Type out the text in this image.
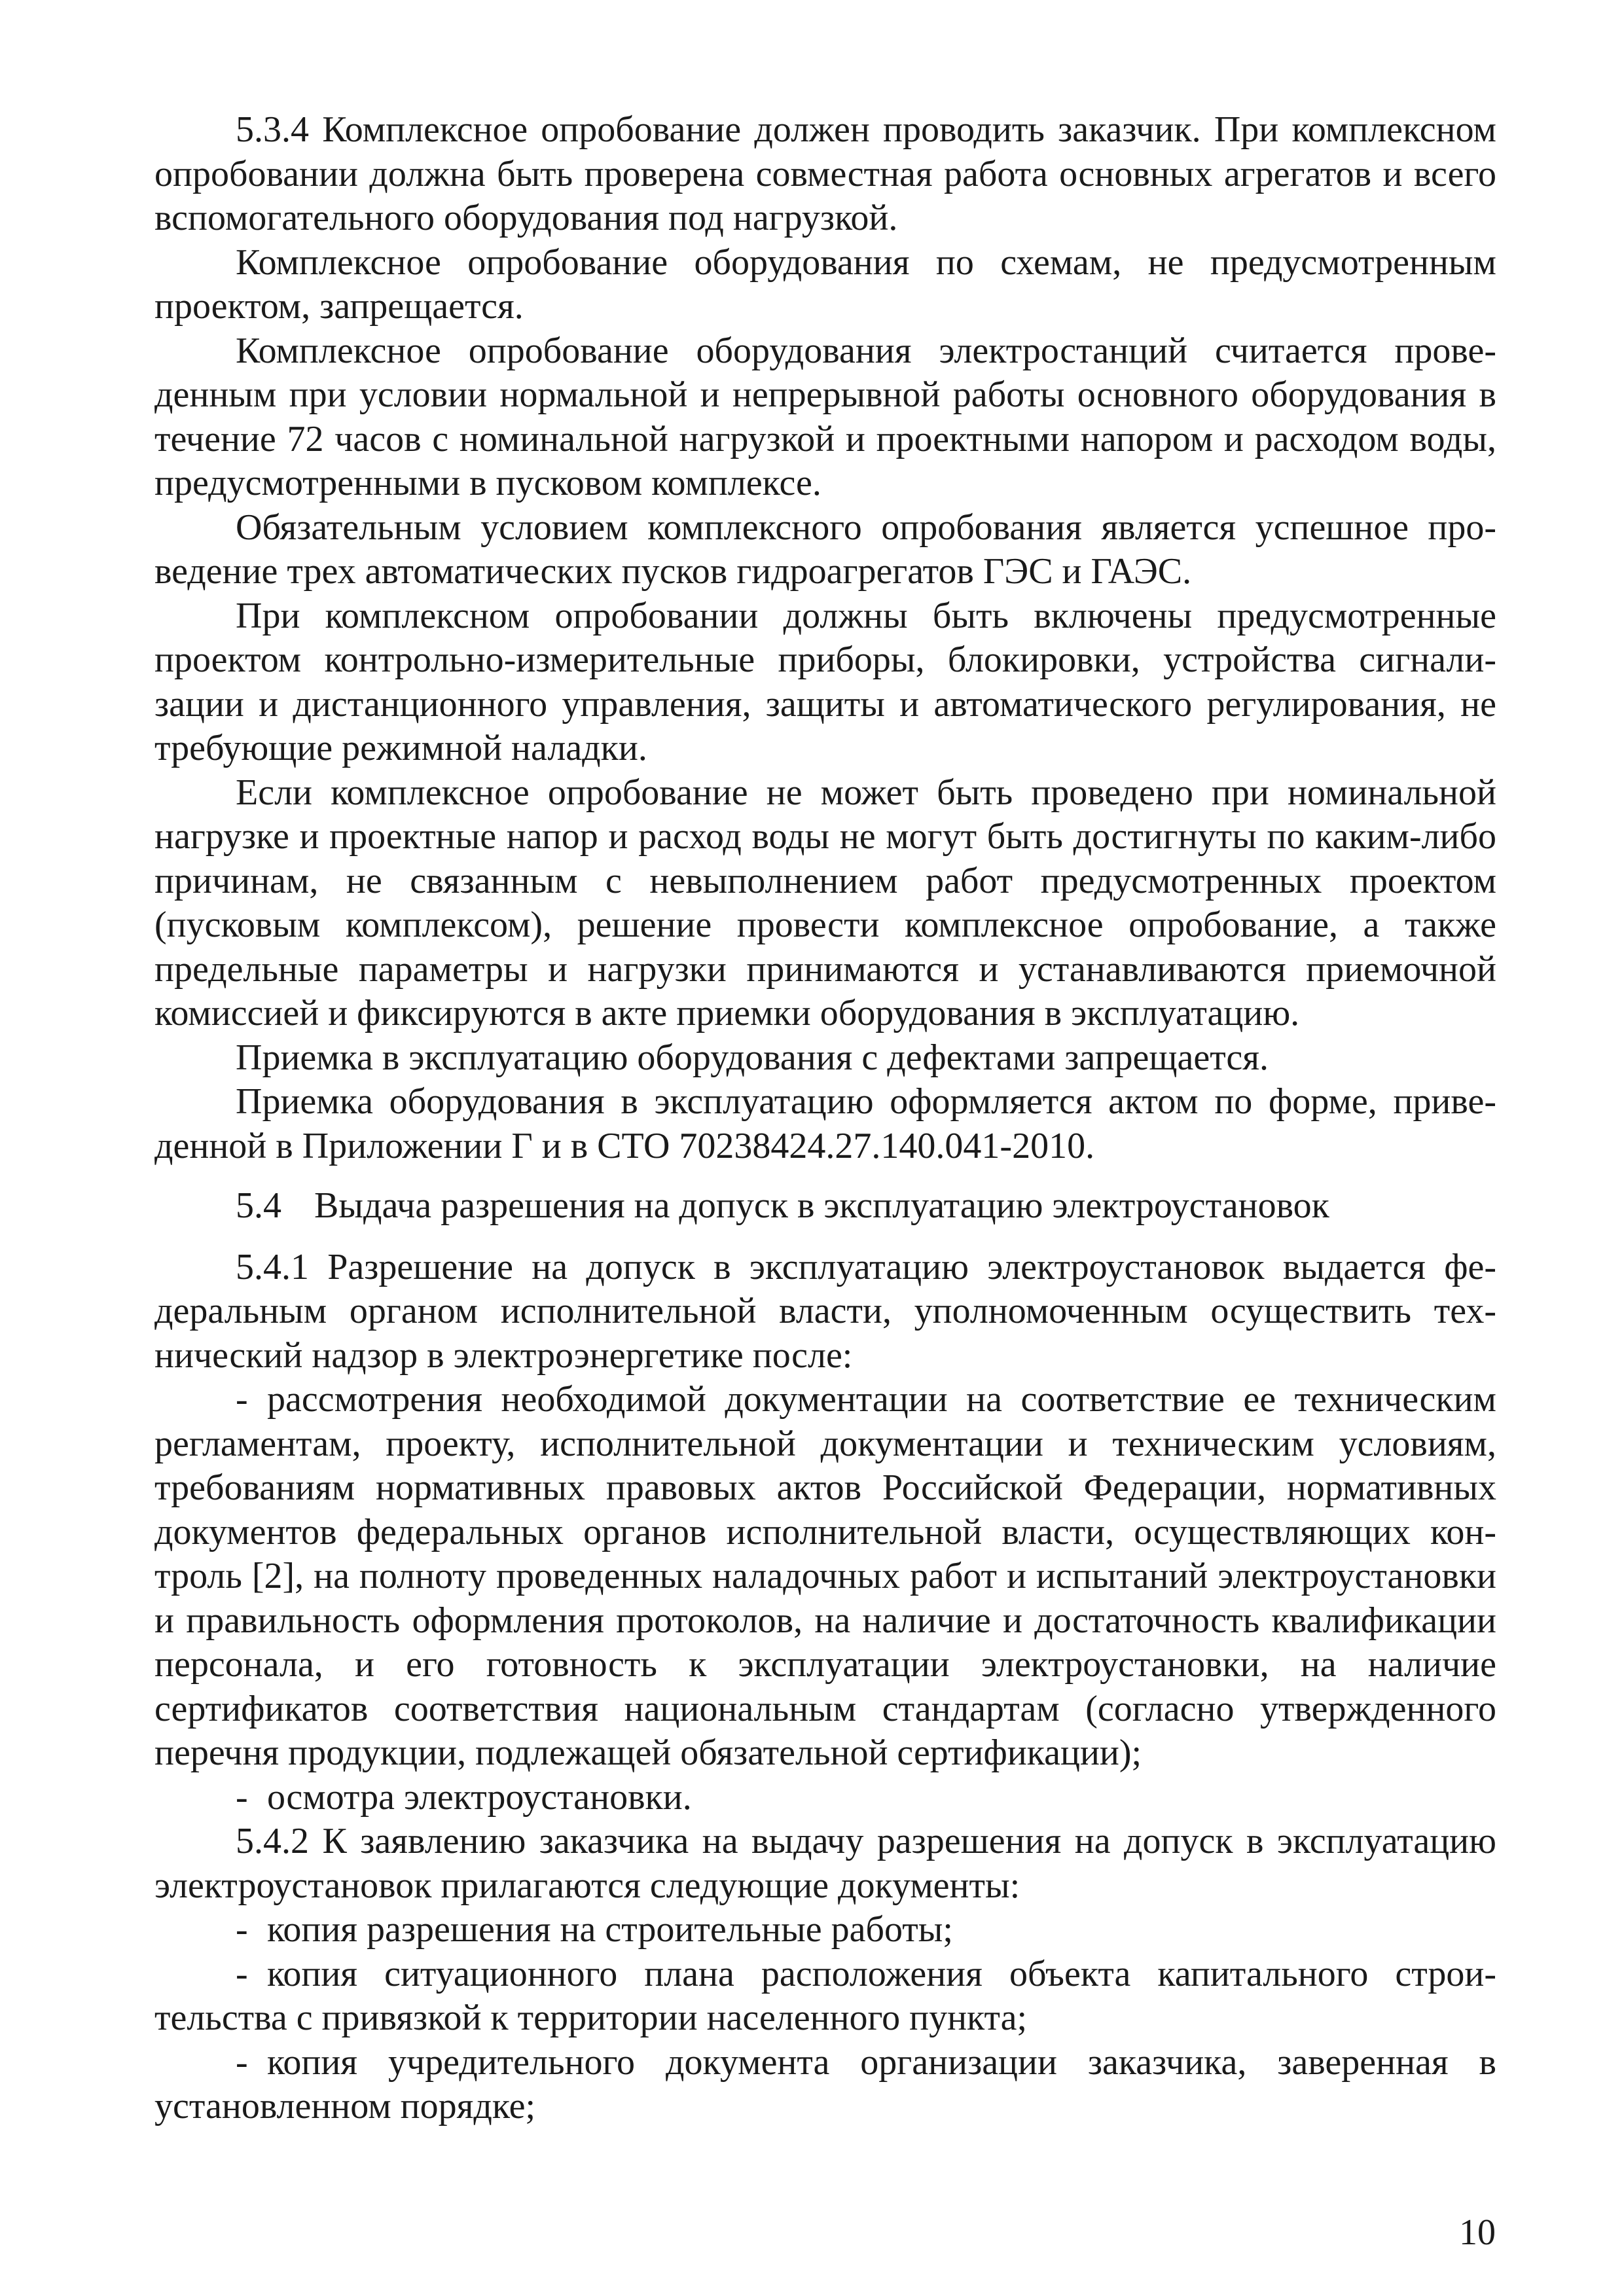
5.3.4 Комплексное опробование должен проводить заказчик. При комплексном опробовании должна быть проверена совместная работа основных агрегатов и всего вспомогательного оборудования под нагрузкой.

Комплексное опробование оборудования по схемам, не предусмотренным проектом, запрещается.

Комплексное опробование оборудования электростанций считается проведенным при условии нормальной и непрерывной работы основного оборудования в течение 72 часов с номинальной нагрузкой и проектными напором и расходом воды, предусмотренными в пусковом комплексе.

Обязательным условием комплексного опробования является успешное проведение трех автоматических пусков гидроагрегатов ГЭС и ГАЭС.

При комплексном опробовании должны быть включены предусмотренные проектом контрольно-измерительные приборы, блокировки, устройства сигнализации и дистанционного управления, защиты и автоматического регулирования, не требующие режимной наладки.

Если комплексное опробование не может быть проведено при номинальной нагрузке и проектные напор и расход воды не могут быть достигнуты по каким-либо причинам, не связанным с невыполнением работ предусмотренных проектом (пусковым комплексом), решение провести комплексное опробование, а также предельные параметры и нагрузки принимаются и устанавливаются приемочной комиссией и фиксируются в акте приемки оборудования в эксплуатацию.

Приемка в эксплуатацию оборудования с дефектами запрещается.

Приемка оборудования в эксплуатацию оформляется актом по форме, приведенной в Приложении Г и в СТО 70238424.27.140.041-2010.

5.4 Выдача разрешения на допуск в эксплуатацию электроустановок

5.4.1 Разрешение на допуск в эксплуатацию электроустановок выдается федеральным органом исполнительной власти, уполномоченным осуществить технический надзор в электроэнергетике после:

- рассмотрения необходимой документации на соответствие ее техническим регламентам, проекту, исполнительной документации и техническим условиям, требованиям нормативных правовых актов Российской Федерации, нормативных документов федеральных органов исполнительной власти, осуществляющих контроль [2], на полноту проведенных наладочных работ и испытаний электроустановки и правильность оформления протоколов, на наличие и достаточность квалификации персонала, и его готовность к эксплуатации электроустановки, на наличие сертификатов соответствия национальным стандартам (согласно утвержденного перечня продукции, подлежащей обязательной сертификации);

- осмотра электроустановки.

5.4.2 К заявлению заказчика на выдачу разрешения на допуск в эксплуатацию электроустановок прилагаются следующие документы:

- копия разрешения на строительные работы;

- копия ситуационного плана расположения объекта капитального строительства с привязкой к территории населенного пункта;

- копия учредительного документа организации заказчика, заверенная в установленном порядке;

10
